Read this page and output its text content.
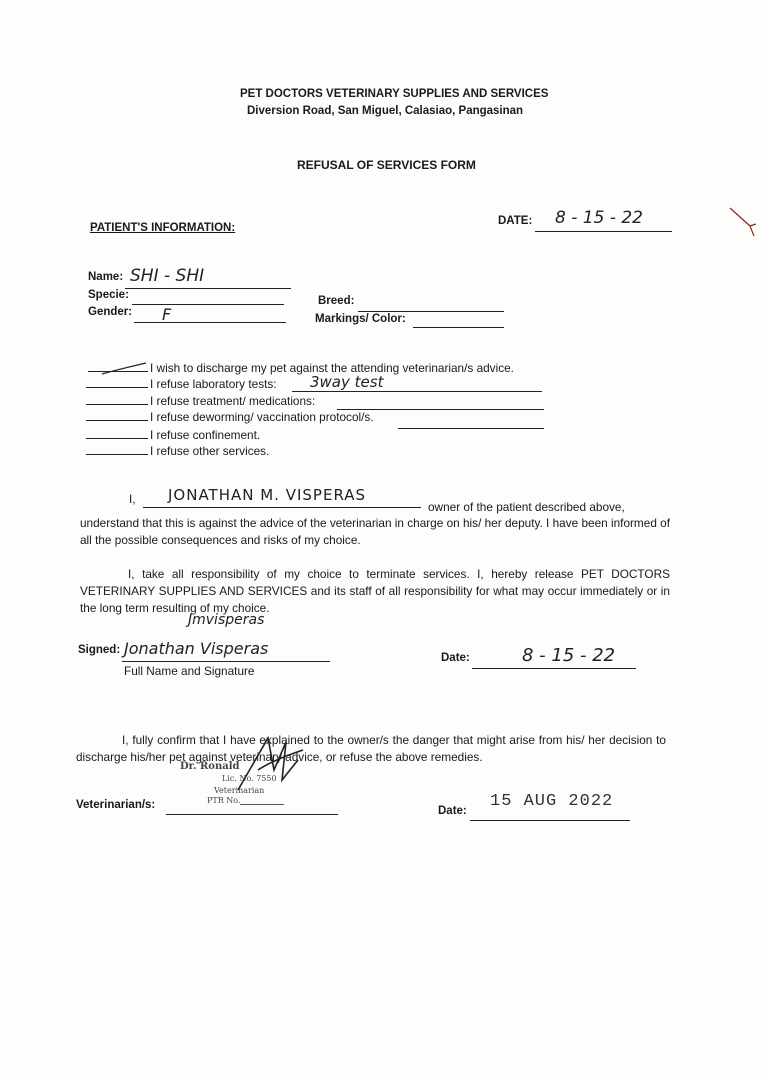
PET DOCTORS VETERINARY SUPPLIES AND SERVICES
Diversion Road, San Miguel, Calasiao, Pangasinan
REFUSAL OF SERVICES FORM
PATIENT'S INFORMATION:
DATE: 8 - 15 - 22
Name: SHI - SHI
Specie:
Gender: F
Breed:
Markings/ Color:
I wish to discharge my pet against the attending veterinarian/s advice.
I refuse laboratory tests: 3way test
I refuse treatment/ medications:
I refuse deworming/ vaccination protocol/s.
I refuse confinement.
I refuse other services.
I, JONATHAN M. VISPERAS
owner of the patient described above,
understand that this is against the advice of the veterinarian in charge on his/ her deputy. I have been informed of all the possible consequences and risks of my choice.
I, take all responsibility of my choice to terminate services. I, hereby release PET DOCTORS VETERINARY SUPPLIES AND SERVICES and its staff of all responsibility for what may occur immediately or in the long term resulting of my choice.
Jmvisperas
Signed: Jonathan Visperas
Full Name and Signature
Date:	8 - 15 - 22
I, fully confirm that I have explained to the owner/s the danger that might arise from his/ her decision to discharge his/her pet against veterinary advice, or refuse the above remedies.
Dr. Ronald
Lic. No. 7550
Veterinarian
PTR No.
Veterinarian/s:	Date: 15 AUG 2022
